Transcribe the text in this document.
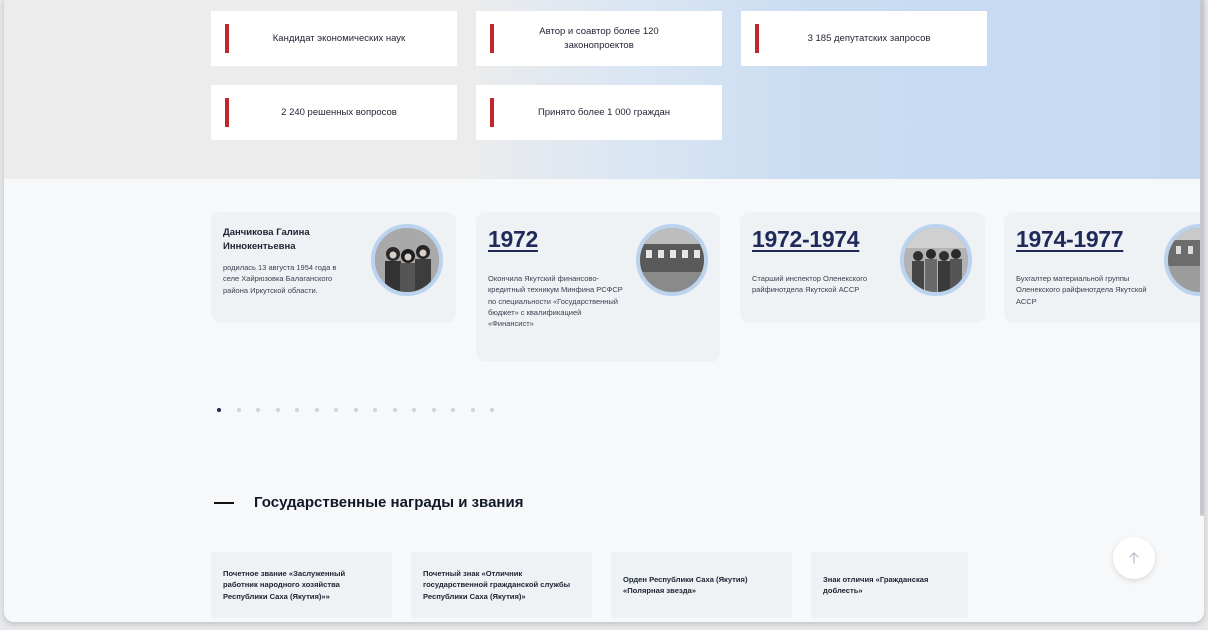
Кандидат экономических наук
Автор и соавтор более 120 законопроектов
3 185 депутатских запросов
2 240 решенных вопросов	Принято более 1 000 граждан
Данчикова Галина Иннокентьевна
родилась 13 августа 1954 года в селе Хайрюзовка Балаганского района Иркутской области.
1972
Окончила Якутский финансово-кредитный техникум Минфина РСФСР по специальности «Государственный бюджет» с квалификацией «Финансист»
1972-1974
Старший инспектор Оленекского райфинотдела Якутской АССР
1974-1977
Бухгалтер материальной группы Оленекского райфинотдела Якутской АССР
Государственные награды и звания
Почетное звание «Заслуженный работник народного хозяйства Республики Саха (Якутия)»»
Почетный знак «Отличник государственной гражданской службы Республики Саха (Якутия)»
Орден Республики Саха (Якутия) «Полярная звезда»
Знак отличия «Гражданская доблесть»
